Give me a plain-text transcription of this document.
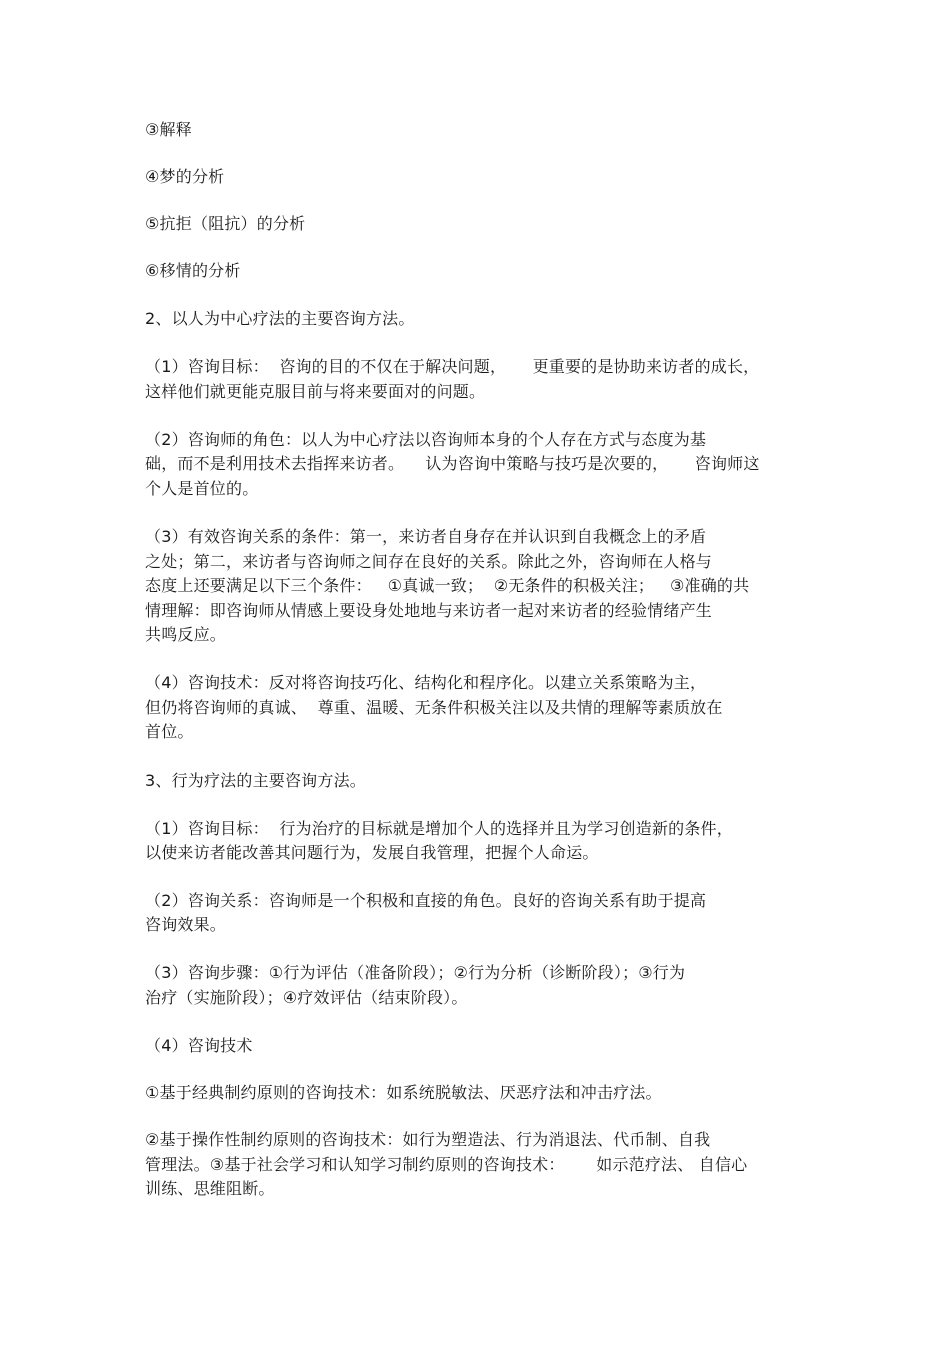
③解释

④梦的分析

⑤抗拒（阻抗）的分析

⑥移情的分析

2、以人为中心疗法的主要咨询方法。

（1）咨询目标：  咨询的目的不仅在于解决问题，     更重要的是协助来访者的成长，

这样他们就更能克服目前与将来要面对的问题。

（2）咨询师的角色：以人为中心疗法以咨询师本身的个人存在方式与态度为基

础，而不是利用技术去指挥来访者。    认为咨询中策略与技巧是次要的，     咨询师这

个人是首位的。

（3）有效咨询关系的条件：第一，来访者自身存在并认识到自我概念上的矛盾

之处；第二，来访者与咨询师之间存在良好的关系。除此之外，咨询师在人格与

态度上还要满足以下三个条件：   ①真诚一致；  ②无条件的积极关注；   ③准确的共

情理解：即咨询师从情感上要设身处地地与来访者一起对来访者的经验情绪产生

共鸣反应。

（4）咨询技术：反对将咨询技巧化、结构化和程序化。以建立关系策略为主，

但仍将咨询师的真诚、  尊重、温暖、无条件积极关注以及共情的理解等素质放在

首位。

3、行为疗法的主要咨询方法。

（1）咨询目标：  行为治疗的目标就是增加个人的选择并且为学习创造新的条件，

以使来访者能改善其问题行为，发展自我管理，把握个人命运。

（2）咨询关系：咨询师是一个积极和直接的角色。良好的咨询关系有助于提高

咨询效果。

（3）咨询步骤：①行为评估（准备阶段）；②行为分析（诊断阶段）；③行为

治疗（实施阶段）；④疗效评估（结束阶段）。

（4）咨询技术

①基于经典制约原则的咨询技术：如系统脱敏法、厌恶疗法和冲击疗法。

②基于操作性制约原则的咨询技术：如行为塑造法、行为消退法、代币制、自我

管理法。③基于社会学习和认知学习制约原则的咨询技术：      如示范疗法、 自信心

训练、思维阻断。
